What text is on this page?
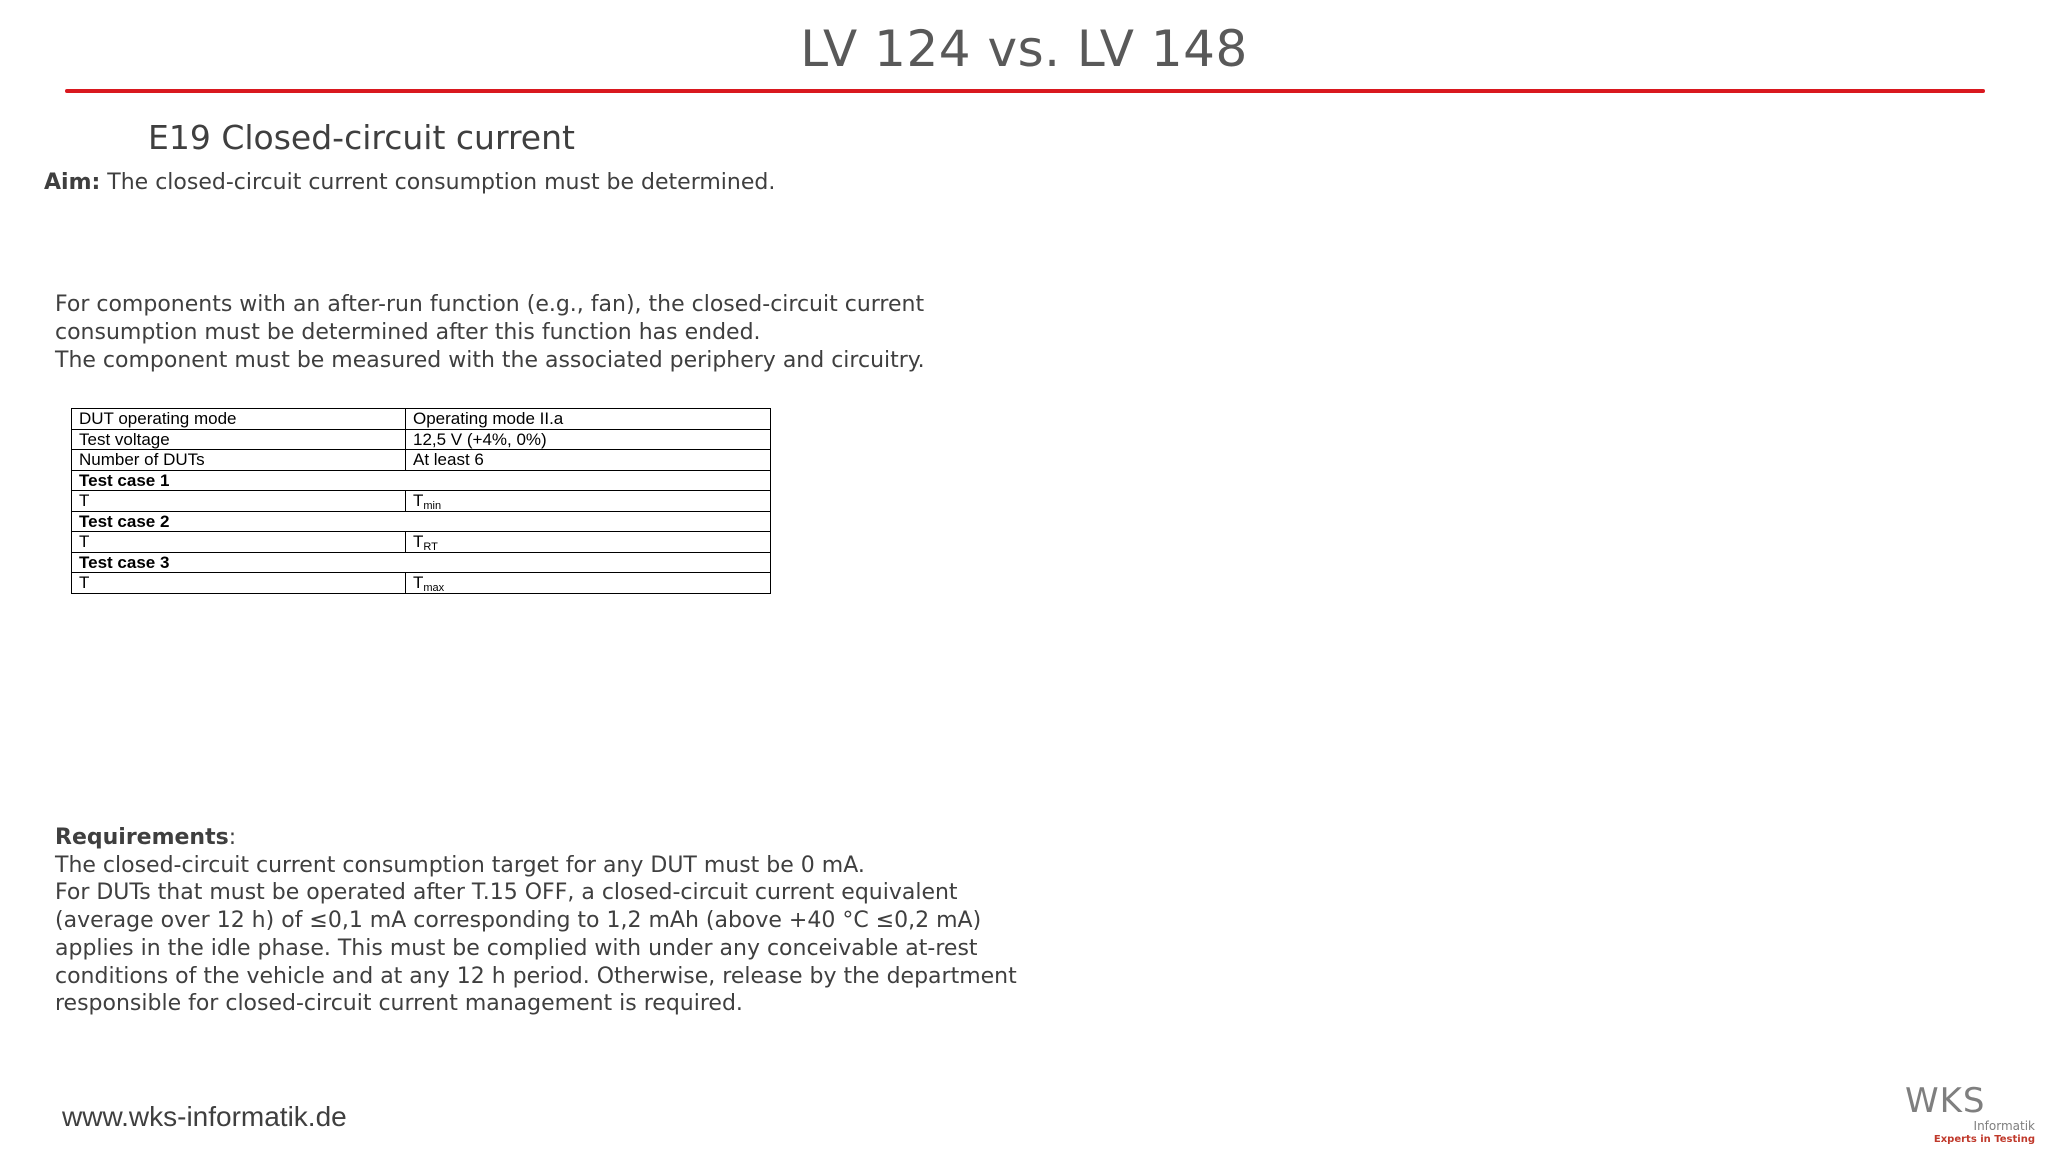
LV 124 vs. LV 148
E19 Closed-circuit current

Aim: The closed-circuit current consumption must be determined.

For components with an after-run function (e.g., fan), the closed-circuit current

consumption must be determined after this function has ended.

The component must be measured with the associated periphery and circuitry.

DUT operating mode	Operating mode II.a
Test voltage	12,5 V (+4%, 0%)
Number of DUTs	At least 6
Test case 1	
T	$T_{min}$
Test case 2	
T	$T_{RT}$
Test case 3	
T	$T_{max}$

Requirements:

The closed-circuit current consumption target for any DUT must be 0 mA.

For DUTs that must be operated after T.15 OFF, a closed-circuit current equivalent

(average over 12 h) of ≤0,1 mA corresponding to 1,2 mAh (above +40 °C ≤0,2 mA)

applies in the idle phase. This must be complied with under any conceivable at-rest

conditions of the vehicle and at any 12 h period. Otherwise, release by the department

responsible for closed-circuit current management is required.

www.wks-informatik.de	WKS
Informatik
Experts in Testing
